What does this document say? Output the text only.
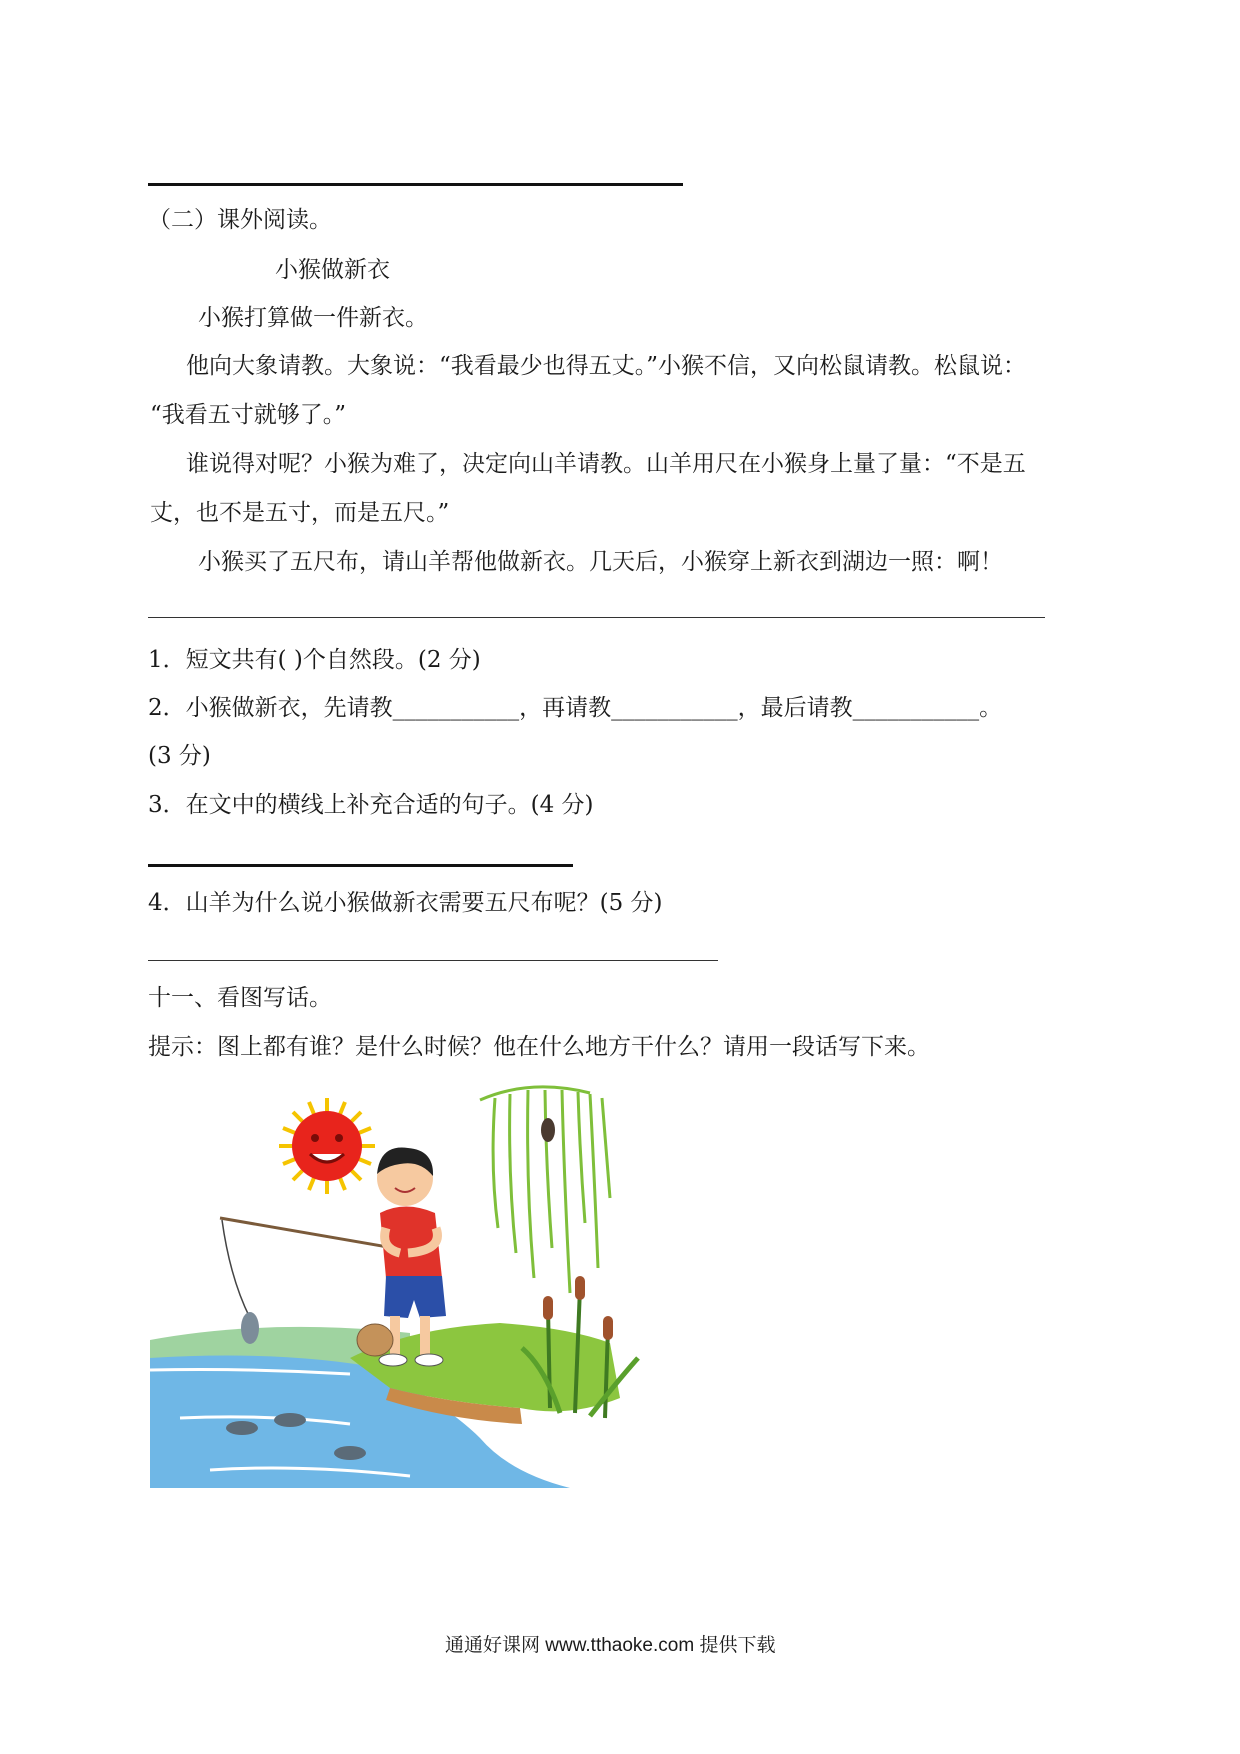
（二）课外阅读。
小猴做新衣
小猴打算做一件新衣。
他向大象请教。大象说：“我看最少也得五丈。”小猴不信，又向松鼠请教。松鼠说：
“我看五寸就够了。”
谁说得对呢？小猴为难了，决定向山羊请教。山羊用尺在小猴身上量了量：“不是五
丈，也不是五寸，而是五尺。”
小猴买了五尺布，请山羊帮他做新衣。几天后，小猴穿上新衣到湖边一照：啊！
1．短文共有( )个自然段。(2 分)
2．小猴做新衣，先请教___________，再请教___________，最后请教___________。
(3 分)
3．在文中的横线上补充合适的句子。(4 分)
4．山羊为什么说小猴做新衣需要五尺布呢？(5 分)
十一、看图写话。
提示：图上都有谁？是什么时候？他在什么地方干什么？请用一段话写下来。
通通好课网 www.tthaoke.com 提供下载
